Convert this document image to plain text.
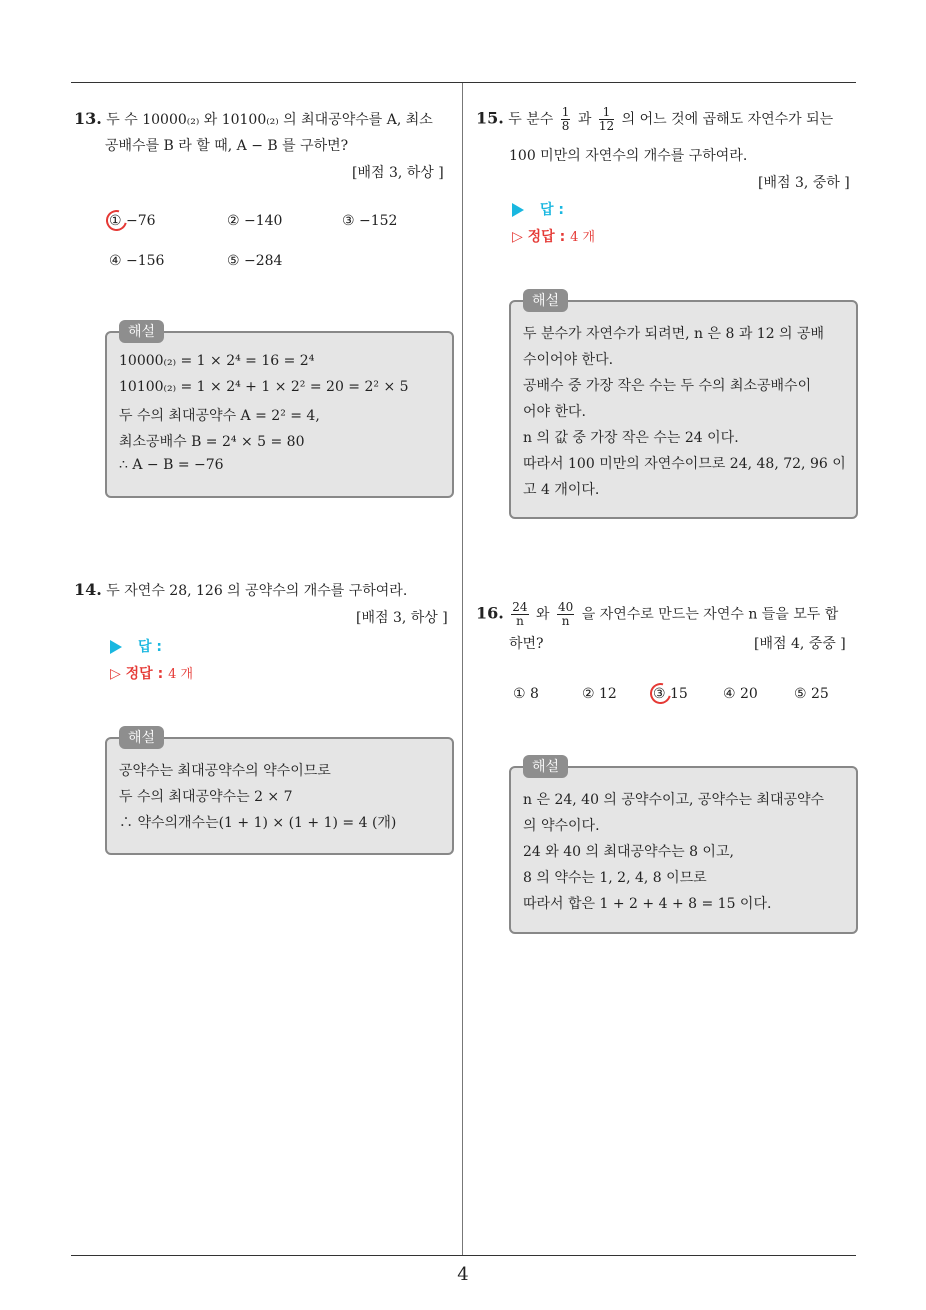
4
13. 두 수 10000₍₂₎ 와 10100₍₂₎ 의 최대공약수를 A, 최소
공배수를 B 라 할 때, A − B 를 구하면?
[배점 3, 하상 ]
① −76	② −140	③ −152
④ −156	⑤ −284
10000₍₂₎ = 1 × 2⁴ = 16 = 2⁴
10100₍₂₎ = 1 × 2⁴ + 1 × 2² = 20 = 2² × 5
두 수의 최대공약수 A = 2² = 4,
최소공배수 B = 2⁴ × 5 = 80
∴ A − B = −76
해설
14. 두 자연수 28, 126 의 공약수의 개수를 구하여라.
[배점 3, 하상 ]
답 :
▷ 정답 : 4 개
공약수는 최대공약수의 약수이므로
두 수의 최대공약수는 2 × 7
∴ 약수의개수는(1 + 1) × (1 + 1) = 4 (개)
해설
15. 두 분수 $\frac{1}{8}$ 과 $\frac{1}{12}$ 의 어느 것에 곱해도 자연수가 되는
100 미만의 자연수의 개수를 구하여라.
[배점 3, 중하 ]
답 :
▷ 정답 : 4 개
두 분수가 자연수가 되려면, n 은 8 과 12 의 공배
수이어야 한다.
공배수 중 가장 작은 수는 두 수의 최소공배수이
어야 한다.
n 의 값 중 가장 작은 수는 24 이다.
따라서 100 미만의 자연수이므로 24, 48, 72, 96 이
고 4 개이다.
해설
16. $\frac{24}{n}$ 와 $\frac{40}{n}$ 을 자연수로 만드는 자연수 n 들을 모두 합
하면?	[배점 4, 중중 ]
① 8	② 12	③ 15	④ 20	⑤ 25
n 은 24, 40 의 공약수이고, 공약수는 최대공약수
의 약수이다.
24 와 40 의 최대공약수는 8 이고,
8 의 약수는 1, 2, 4, 8 이므로
따라서 합은 1 + 2 + 4 + 8 = 15 이다.
해설
